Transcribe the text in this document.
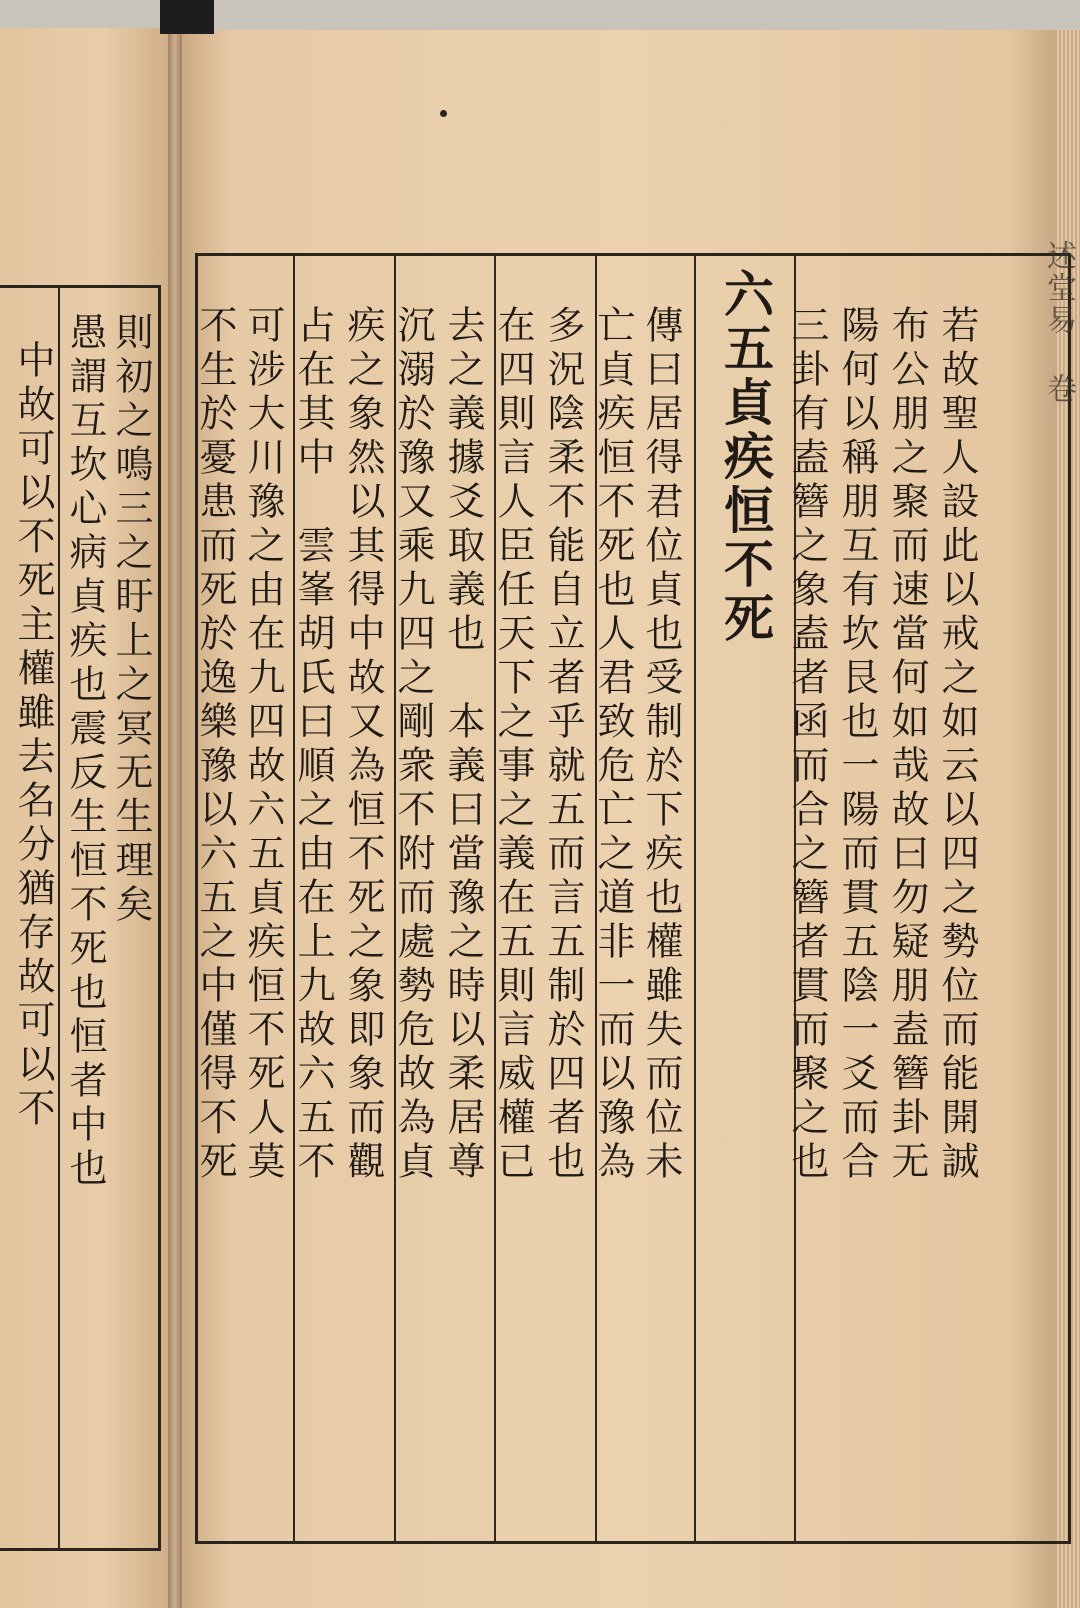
則初之鳴三之盱上之冥无生理矣
愚謂互坎心病貞疾也震反生恒不死也恒者中也
中故可以不死主權雖去名分猶存故可以不
述堂易 卷
若故聖人設此以戒之如云以四之勢位而能開誠
布公朋之聚而速當何如哉故曰勿疑朋盍簪卦无
陽何以稱朋互有坎艮也一陽而貫五陰一爻而合
三卦有盍簪之象盍者函而合之簪者貫而聚之也
六五貞疾恒不死
傳曰居得君位貞也受制於下疾也權雖失而位未
亡貞疾恒不死也人君致危亡之道非一而以豫為
多況陰柔不能自立者乎就五而言五制於四者也
在四則言人臣任天下之事之義在五則言威權已
去之義據爻取義也　本義曰當豫之時以柔居尊
沉溺於豫又乘九四之剛衆不附而處勢危故為貞
疾之象然以其得中故又為恒不死之象即象而觀
占在其中　雲峯胡氏曰順之由在上九故六五不
可涉大川豫之由在九四故六五貞疾恒不死人莫
不生於憂患而死於逸樂豫以六五之中僅得不死
